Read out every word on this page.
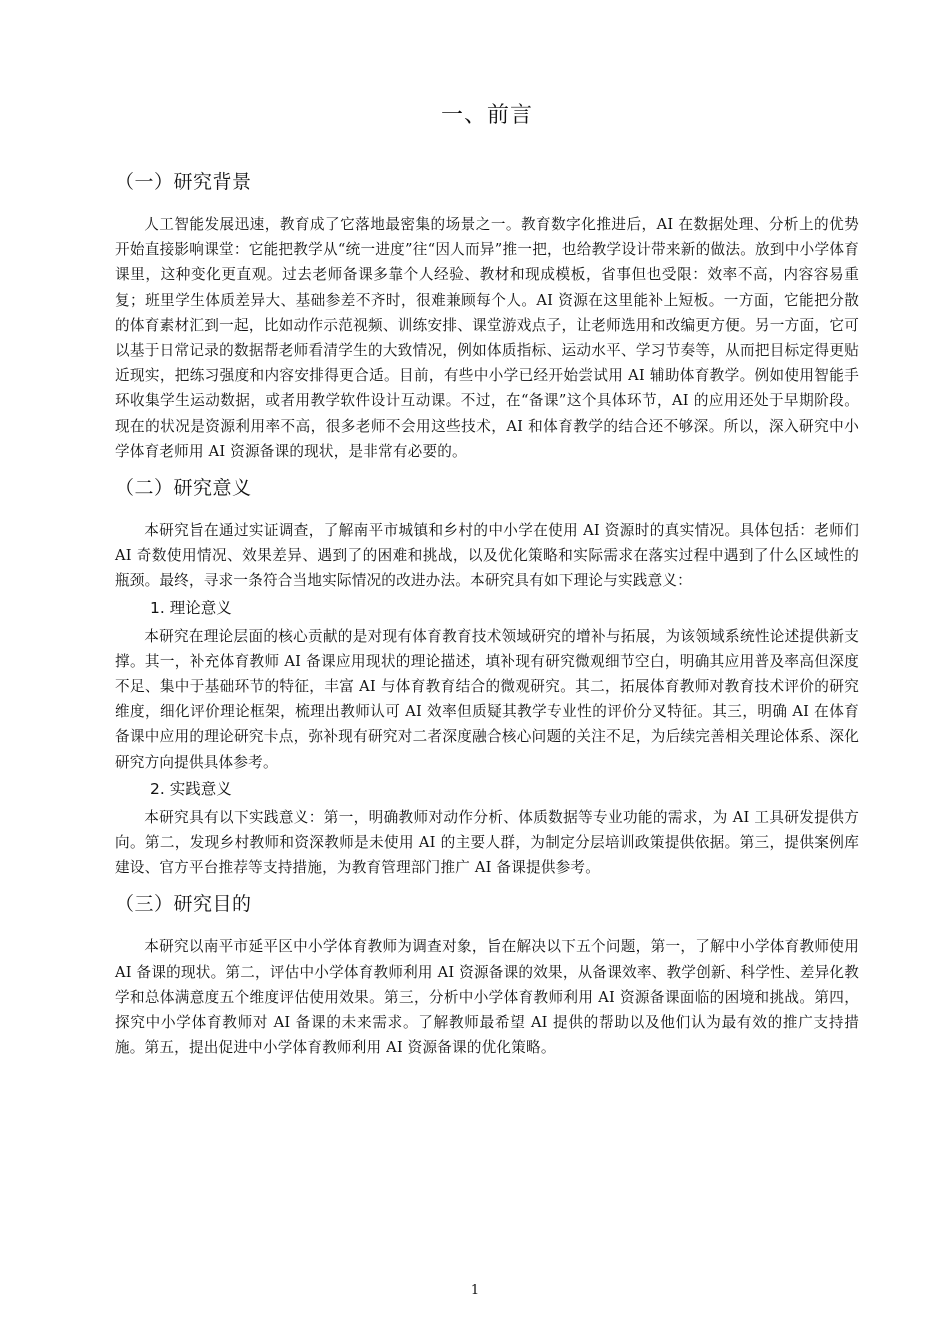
一、前言
（一）研究背景

人工智能发展迅速，教育成了它落地最密集的场景之一。教育数字化推进后，AI 在数据处理、分析上的优势开始直接影响课堂：它能把教学从“统一进度”往“因人而异”推一把，也给教学设计带来新的做法。放到中小学体育课里，这种变化更直观。过去老师备课多靠个人经验、教材和现成模板，省事但也受限：效率不高，内容容易重复；班里学生体质差异大、基础参差不齐时，很难兼顾每个人。AI 资源在这里能补上短板。一方面，它能把分散的体育素材汇到一起，比如动作示范视频、训练安排、课堂游戏点子，让老师选用和改编更方便。另一方面，它可以基于日常记录的数据帮老师看清学生的大致情况，例如体质指标、运动水平、学习节奏等，从而把目标定得更贴近现实，把练习强度和内容安排得更合适。目前，有些中小学已经开始尝试用 AI 辅助体育教学。例如使用智能手环收集学生运动数据，或者用教学软件设计互动课。不过，在“备课”这个具体环节，AI 的应用还处于早期阶段。现在的状况是资源利用率不高，很多老师不会用这些技术，AI 和体育教学的结合还不够深。所以，深入研究中小学体育老师用 AI 资源备课的现状，是非常有必要的。

（二）研究意义

本研究旨在通过实证调查，了解南平市城镇和乡村的中小学在使用 AI 资源时的真实情况。具体包括：老师们 AI 奇数使用情况、效果差异、遇到了的困难和挑战，以及优化策略和实际需求在落实过程中遇到了什么区域性的瓶颈。最终，寻求一条符合当地实际情况的改进办法。本研究具有如下理论与实践意义：

1. 理论意义

本研究在理论层面的核心贡献的是对现有体育教育技术领域研究的增补与拓展，为该领域系统性论述提供新支撑。其一，补充体育教师 AI 备课应用现状的理论描述，填补现有研究微观细节空白，明确其应用普及率高但深度不足、集中于基础环节的特征，丰富 AI 与体育教育结合的微观研究。其二，拓展体育教师对教育技术评价的研究维度，细化评价理论框架，梳理出教师认可 AI 效率但质疑其教学专业性的评价分叉特征。其三，明确 AI 在体育备课中应用的理论研究卡点，弥补现有研究对二者深度融合核心问题的关注不足，为后续完善相关理论体系、深化研究方向提供具体参考。

2. 实践意义

本研究具有以下实践意义：第一，明确教师对动作分析、体质数据等专业功能的需求，为 AI 工具研发提供方向。第二，发现乡村教师和资深教师是未使用 AI 的主要人群，为制定分层培训政策提供依据。第三，提供案例库建设、官方平台推荐等支持措施，为教育管理部门推广 AI 备课提供参考。

（三）研究目的

本研究以南平市延平区中小学体育教师为调查对象，旨在解决以下五个问题，第一，了解中小学体育教师使用 AI 备课的现状。第二，评估中小学体育教师利用 AI 资源备课的效果，从备课效率、教学创新、科学性、差异化教学和总体满意度五个维度评估使用效果。第三，分析中小学体育教师利用 AI 资源备课面临的困境和挑战。第四，探究中小学体育教师对 AI 备课的未来需求。了解教师最希望 AI 提供的帮助以及他们认为最有效的推广支持措施。第五，提出促进中小学体育教师利用 AI 资源备课的优化策略。

1
